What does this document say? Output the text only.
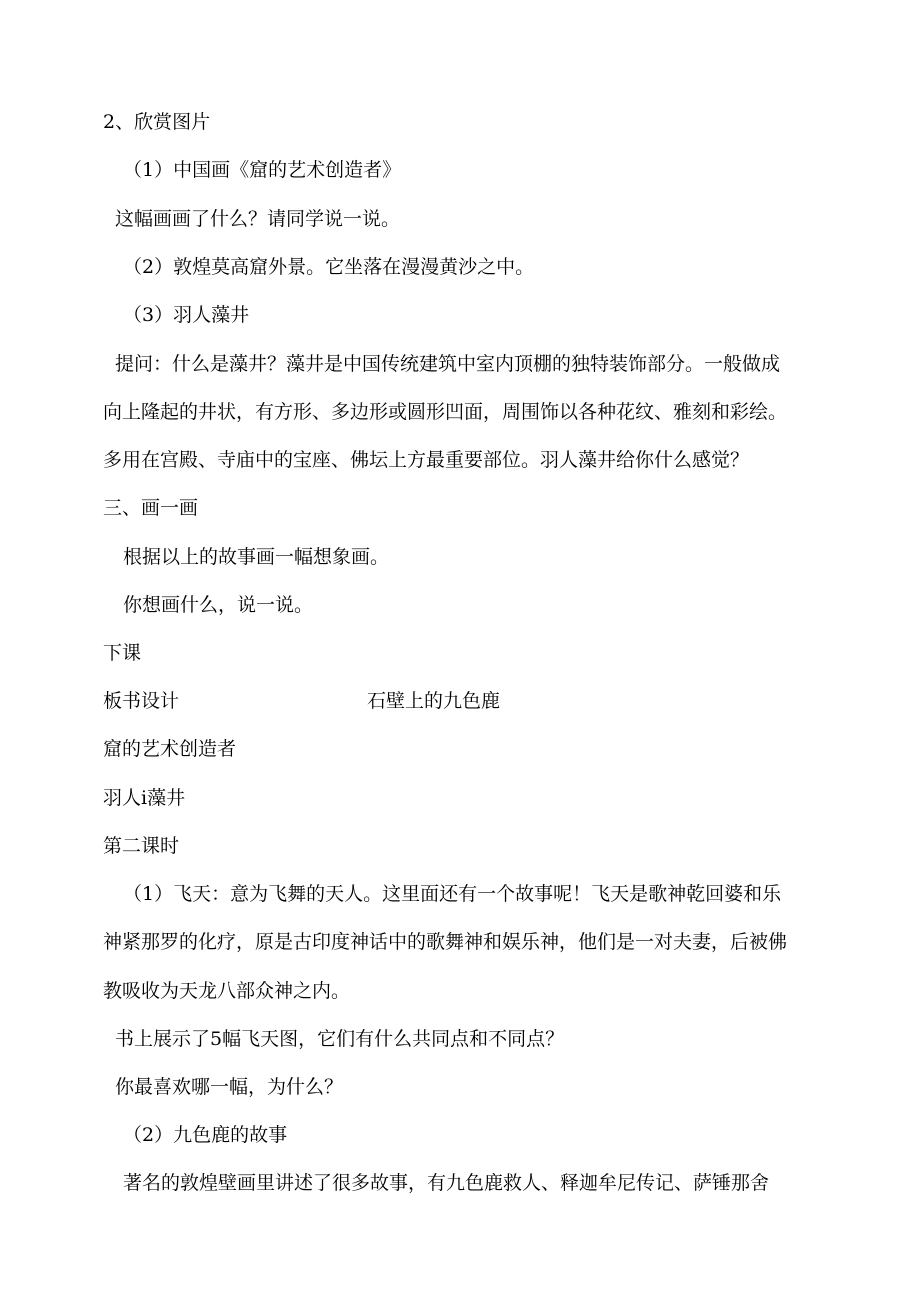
2、欣赏图片
（1）中国画《窟的艺术创造者》
这幅画画了什么？请同学说一说。
（2）敦煌莫高窟外景。它坐落在漫漫黄沙之中。
（3）羽人藻井
提问：什么是藻井？藻井是中国传统建筑中室内顶棚的独特装饰部分。一般做成
向上隆起的井状，有方形、多边形或圆形凹面，周围饰以各种花纹、雅刻和彩绘。
多用在宫殿、寺庙中的宝座、佛坛上方最重要部位。羽人藻井给你什么感觉？
三、画一画
根据以上的故事画一幅想象画。
你想画什么，说一说。
下课
板书设计	石壁上的九色鹿
窟的艺术创造者
羽人i藻井
第二课时
（1）飞天：意为飞舞的天人。这里面还有一个故事呢！飞天是歌神乾回婆和乐
神紧那罗的化疗，原是古印度神话中的歌舞神和娱乐神，他们是一对夫妻，后被佛
教吸收为天龙八部众神之内。
书上展示了5幅飞天图，它们有什么共同点和不同点？
你最喜欢哪一幅，为什么？
（2）九色鹿的故事
著名的敦煌壁画里讲述了很多故事，有九色鹿救人、释迦牟尼传记、萨锤那舍
